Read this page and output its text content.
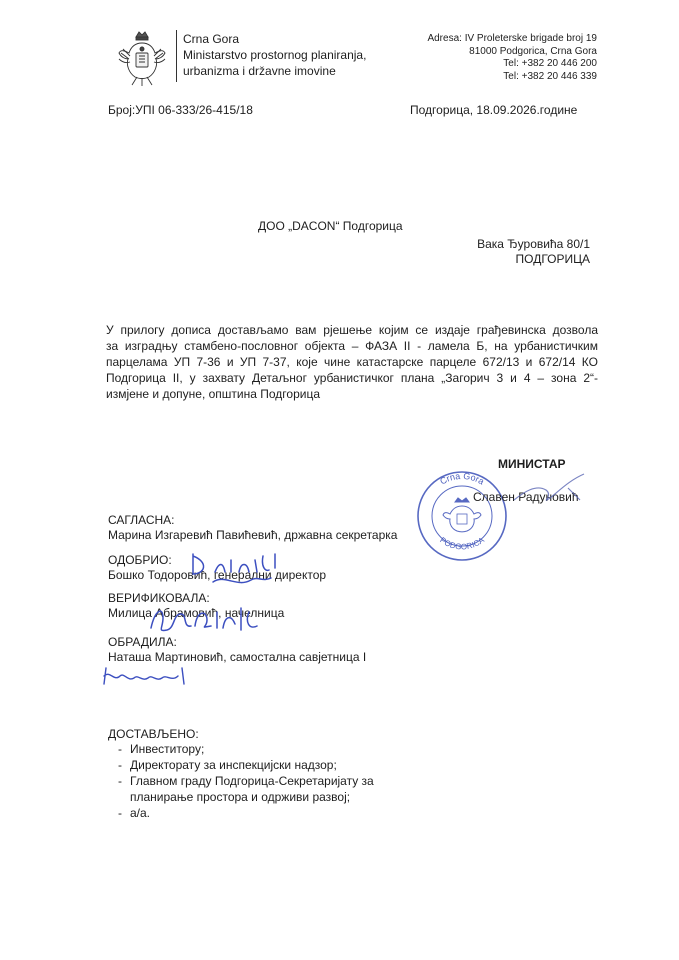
Crna Gora
Ministarstvo prostornog planiranja,
urbanizma i državne imovine
Adresa: IV Proleterske brigade broj 19
81000 Podgorica, Crna Gora
Tel: +382 20 446 200
Tel: +382 20 446 339
Број:УПI 06-333/26-415/18	Подгорица, 18.09.2026.године
ДОО „DACON“ Подгорица
Вака Ђуровића 80/1
ПОДГОРИЦА
У прилогу дописа достављамо вам рјешење којим се издаје грађевинска дозвола
за изградњу стамбено-пословног објекта – ФАЗА II - ламела Б, на урбанистичким
парцелама УП 7-36 и УП 7-37, које чине катастарске парцеле 672/13 и 672/14 КО
Подгорица II, у захвату Детаљног урбанистичког плана „Загорич 3 и 4 – зона 2“-
измјене и допуне, општина Подгорица
Crna Gora
PODGORICA
МИНИСТАР
Славен Радуновић
САГЛАСНА:
Марина Изгаревић Павићевић, државна секретарка
ОДОБРИО:
Бошко Тодоровић, генерални директор
ВЕРИФИКОВАЛА:
Милица Абрамовић, начелница
ОБРАДИЛА:
Наташа Мартиновић, самостална савјетница I
ДОСТАВЉЕНО:
- Инвеститору;
- Директорату за инспекцијски надзор;
- Главном граду Подгорица-Секретаријату за
планирање простора и одрживи развој;
- а/а.
